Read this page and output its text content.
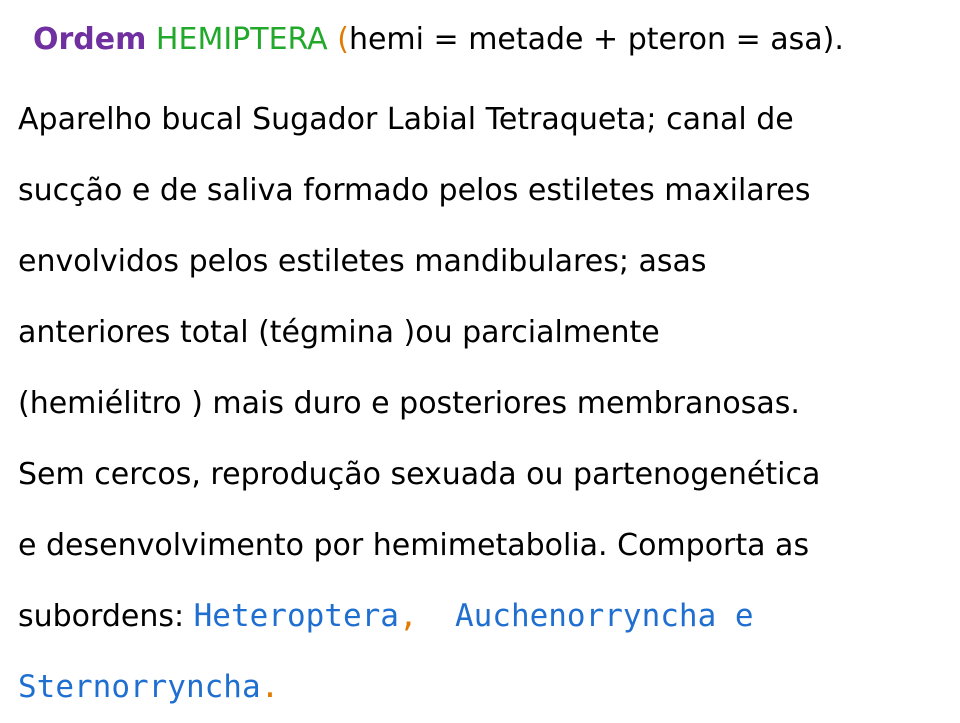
Ordem HEMIPTERA (hemi = metade + pteron = asa).
Aparelho bucal Sugador Labial Tetraqueta; canal de
sucção e de saliva formado pelos estiletes maxilares
envolvidos pelos estiletes mandibulares; asas
anteriores total (tégmina )ou parcialmente
(hemiélitro ) mais duro e posteriores membranosas.
Sem cercos, reprodução sexuada ou partenogenética
e desenvolvimento por hemimetabolia. Comporta as
subordens: Heteroptera,  Auchenorryncha e
Sternorryncha.
